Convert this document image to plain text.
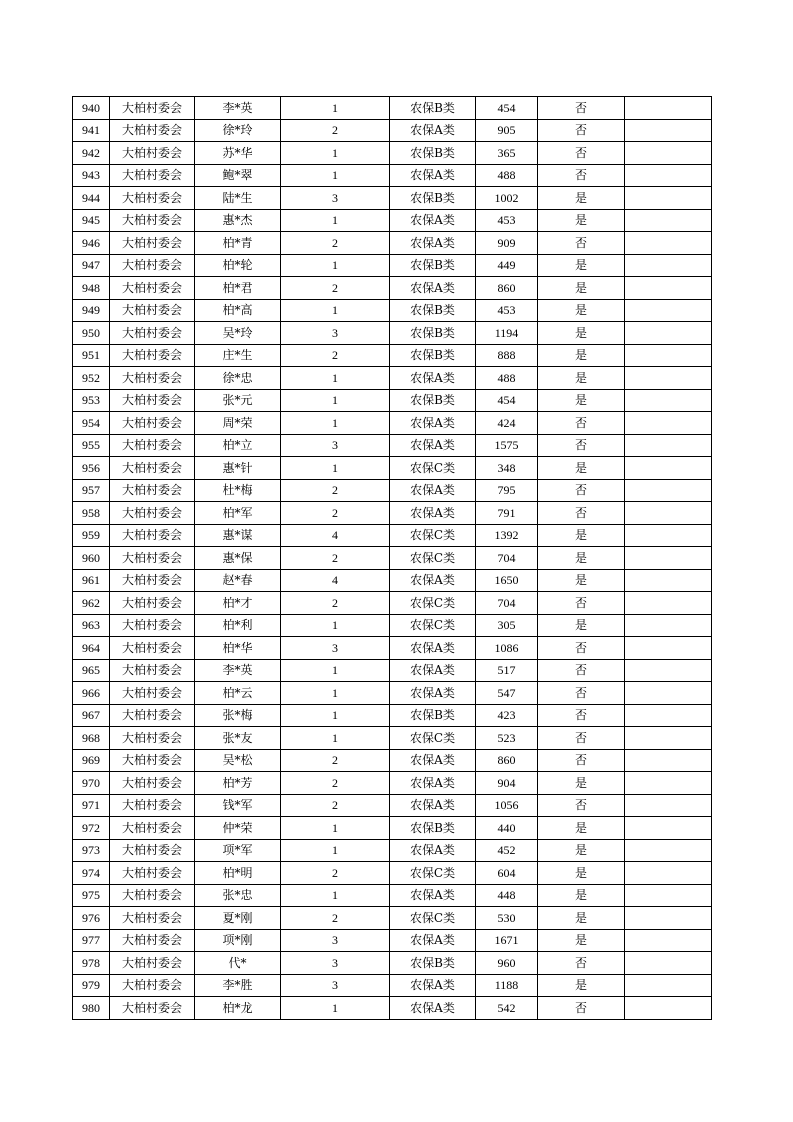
940	大柏村委会	李*英	1	农保B类	454	否	
941	大柏村委会	徐*玲	2	农保A类	905	否	
942	大柏村委会	苏*华	1	农保B类	365	否	
943	大柏村委会	鲍*翠	1	农保A类	488	否	
944	大柏村委会	陆*生	3	农保B类	1002	是	
945	大柏村委会	惠*杰	1	农保A类	453	是	
946	大柏村委会	柏*青	2	农保A类	909	否	
947	大柏村委会	柏*轮	1	农保B类	449	是	
948	大柏村委会	柏*君	2	农保A类	860	是	
949	大柏村委会	柏*高	1	农保B类	453	是	
950	大柏村委会	吴*玲	3	农保B类	1194	是	
951	大柏村委会	庄*生	2	农保B类	888	是	
952	大柏村委会	徐*忠	1	农保A类	488	是	
953	大柏村委会	张*元	1	农保B类	454	是	
954	大柏村委会	周*荣	1	农保A类	424	否	
955	大柏村委会	柏*立	3	农保A类	1575	否	
956	大柏村委会	惠*针	1	农保C类	348	是	
957	大柏村委会	杜*梅	2	农保A类	795	否	
958	大柏村委会	柏*军	2	农保A类	791	否	
959	大柏村委会	惠*谋	4	农保C类	1392	是	
960	大柏村委会	惠*保	2	农保C类	704	是	
961	大柏村委会	赵*春	4	农保A类	1650	是	
962	大柏村委会	柏*才	2	农保C类	704	否	
963	大柏村委会	柏*利	1	农保C类	305	是	
964	大柏村委会	柏*华	3	农保A类	1086	否	
965	大柏村委会	李*英	1	农保A类	517	否	
966	大柏村委会	柏*云	1	农保A类	547	否	
967	大柏村委会	张*梅	1	农保B类	423	否	
968	大柏村委会	张*友	1	农保C类	523	否	
969	大柏村委会	吴*松	2	农保A类	860	否	
970	大柏村委会	柏*芳	2	农保A类	904	是	
971	大柏村委会	钱*军	2	农保A类	1056	否	
972	大柏村委会	仲*荣	1	农保B类	440	是	
973	大柏村委会	项*军	1	农保A类	452	是	
974	大柏村委会	柏*明	2	农保C类	604	是	
975	大柏村委会	张*忠	1	农保A类	448	是	
976	大柏村委会	夏*刚	2	农保C类	530	是	
977	大柏村委会	项*刚	3	农保A类	1671	是	
978	大柏村委会	代*	3	农保B类	960	否	
979	大柏村委会	李*胜	3	农保A类	1188	是	
980	大柏村委会	柏*龙	1	农保A类	542	否	
